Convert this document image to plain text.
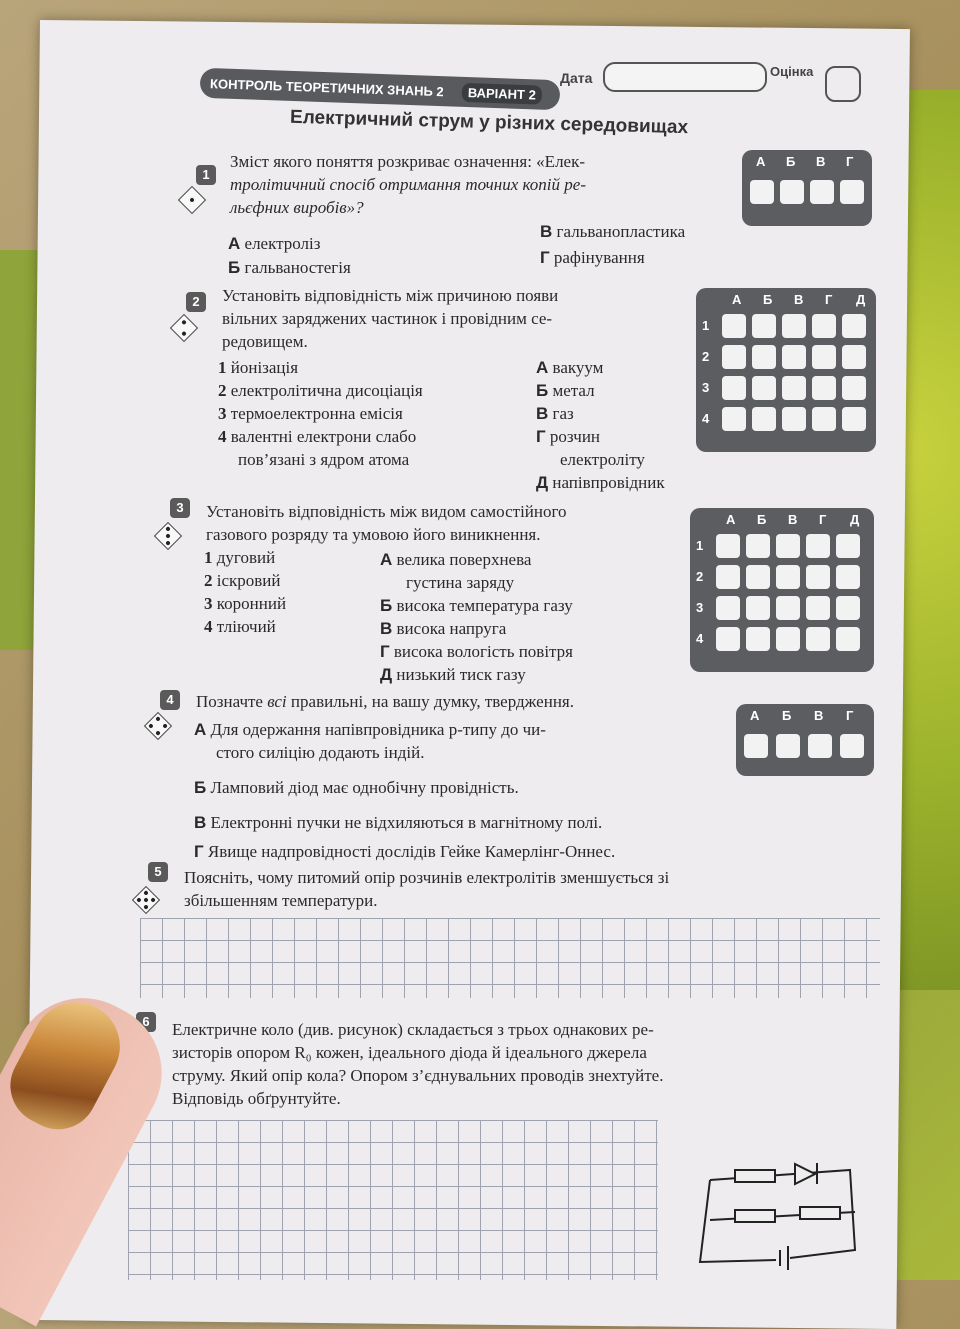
КОНТРОЛЬ ТЕОРЕТИЧНИХ ЗНАНЬ 2	ВАРІАНТ 2
Дата	Оцінка
Електричний струм у різних середовищах
1
Зміст якого поняття розкриває означення: «Елек-
тролітичний спосіб отримання точних копій ре-
льєфних виробів»?
А електроліз
Б гальваностегія
В гальванопластика
Г рафінування
А Б В Г
2	Установіть відповідність між причиною появи
вільних заряджених частинок і провідним се-
редовищем.
1 йонізація
2 електролітична дисоціація
3 термоелектронна емісія
4 валентні електрони слабо
пов’язані з ядром атома
А вакуум
Б метал
В газ
Г розчин
електроліту
Д напівпровідник
А Б В Г Д
1
2
3
4
3	Установіть відповідність між видом самостійного
газового розряду та умовою його виникнення.
1 дуговий
2 іскровий
3 коронний
4 тліючий
А велика поверхнева
густина заряду
Б висока температура газу
В висока напруга
Г висока вологість повітря
Д низький тиск газу
А Б В Г Д
1
2
3
4
4	Позначте всі правильні, на вашу думку, твердження.
А Для одержання напівпровідника p-типу до чи-
стого силіцію додають індій.
Б Ламповий діод має однобічну провідність.
В Електронні пучки не відхиляються в магнітному полі.
Г Явище надпровідності дослідів Гейке Камерлінг-Оннес.
А Б В Г
5	Поясніть, чому питомий опір розчинів електролітів зменшується зі
збільшенням температури.
6	Електричне коло (див. рисунок) складається з трьох однакових ре-
зисторів опором R₀ кожен, ідеального діода й ідеального джерела
струму. Який опір кола? Опором з’єднувальних проводів знехтуйте.
Відповідь обґрунтуйте.
